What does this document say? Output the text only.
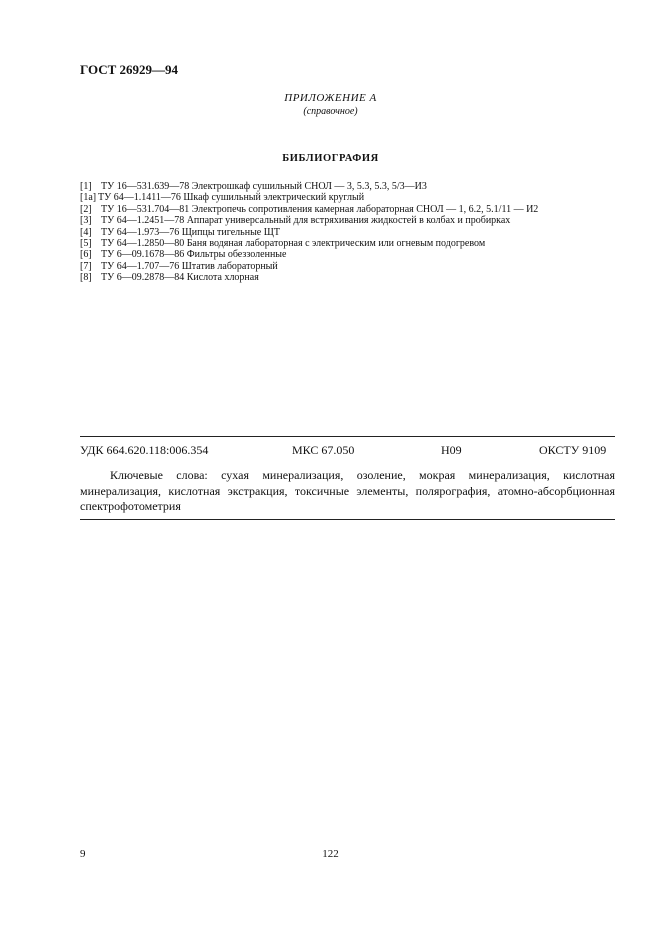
ГОСТ 26929—94
ПРИЛОЖЕНИЕ А
(справочное)
БИБЛИОГРАФИЯ
[1] ТУ 16—531.639—78 Электрошкаф сушильный СНОЛ — 3, 5.3, 5.3, 5/3—И3
[1а] ТУ 64—1.1411—76 Шкаф сушильный электрический круглый
[2] ТУ 16—531.704—81 Электропечь сопротивления камерная лабораторная СНОЛ — 1, 6.2, 5.1/11 — И2
[3] ТУ 64—1.2451—78 Аппарат универсальный для встряхивания жидкостей в колбах и пробирках
[4] ТУ 64—1.973—76 Щипцы тигельные ЩТ
[5] ТУ 64—1.2850—80 Баня водяная лабораторная с электрическим или огневым подогревом
[6] ТУ 6—09.1678—86 Фильтры обеззоленные
[7] ТУ 64—1.707—76 Штатив лабораторный
[8] ТУ 6—09.2878—84 Кислота хлорная
УДК 664.620.118:006.354	МКС 67.050	Н09	ОКСТУ 9109
Ключевые слова: сухая минерализация, озоление, мокрая минерализация, кислотная минерализация, кислотная экстракция, токсичные элементы, полярография, атомно-абсорбционная спектрофотометрия
9	122
